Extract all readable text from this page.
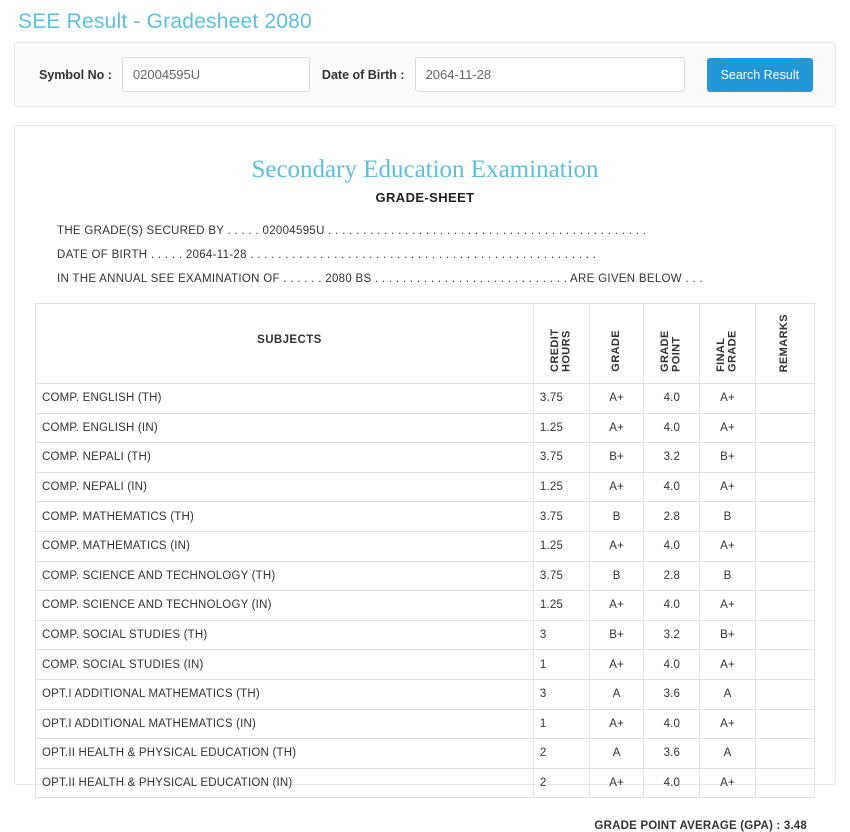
SEE Result - Gradesheet 2080
Symbol No :
02004595U	Date of Birth :
2064-11-28	Search Result
Secondary Education Examination
GRADE-SHEET
THE GRADE(S) SECURED BY . . . . . 02004595U . . . . . . . . . . . . . . . . . . . . . . . . . . . . . . . . . . . . . . . . . . . . . .
DATE OF BIRTH . . . . . 2064-11-28 . . . . . . . . . . . . . . . . . . . . . . . . . . . . . . . . . . . . . . . . . . . . . . . . . .
IN THE ANNUAL SEE EXAMINATION OF . . . . . . 2080 BS . . . . . . . . . . . . . . . . . . . . . . . . . . . . ARE GIVEN BELOW . . .
SUBJECTS	CREDIT HOURS	GRADE	GRADE POINT	FINAL GRADE	REMARKS
COMP. ENGLISH (TH)	3.75	A+	4.0	A+	
COMP. ENGLISH (IN)	1.25	A+	4.0	A+	
COMP. NEPALI (TH)	3.75	B+	3.2	B+	
COMP. NEPALI (IN)	1.25	A+	4.0	A+	
COMP. MATHEMATICS (TH)	3.75	B	2.8	B	
COMP. MATHEMATICS (IN)	1.25	A+	4.0	A+	
COMP. SCIENCE AND TECHNOLOGY (TH)	3.75	B	2.8	B	
COMP. SCIENCE AND TECHNOLOGY (IN)	1.25	A+	4.0	A+	
COMP. SOCIAL STUDIES (TH)	3	B+	3.2	B+	
COMP. SOCIAL STUDIES (IN)	1	A+	4.0	A+	
OPT.I ADDITIONAL MATHEMATICS (TH)	3	A	3.6	A	
OPT.I ADDITIONAL MATHEMATICS (IN)	1	A+	4.0	A+	
OPT.II HEALTH & PHYSICAL EDUCATION (TH)	2	A	3.6	A	
OPT.II HEALTH & PHYSICAL EDUCATION (IN)	2	A+	4.0	A+	
GRADE POINT AVERAGE (GPA) : 3.48
